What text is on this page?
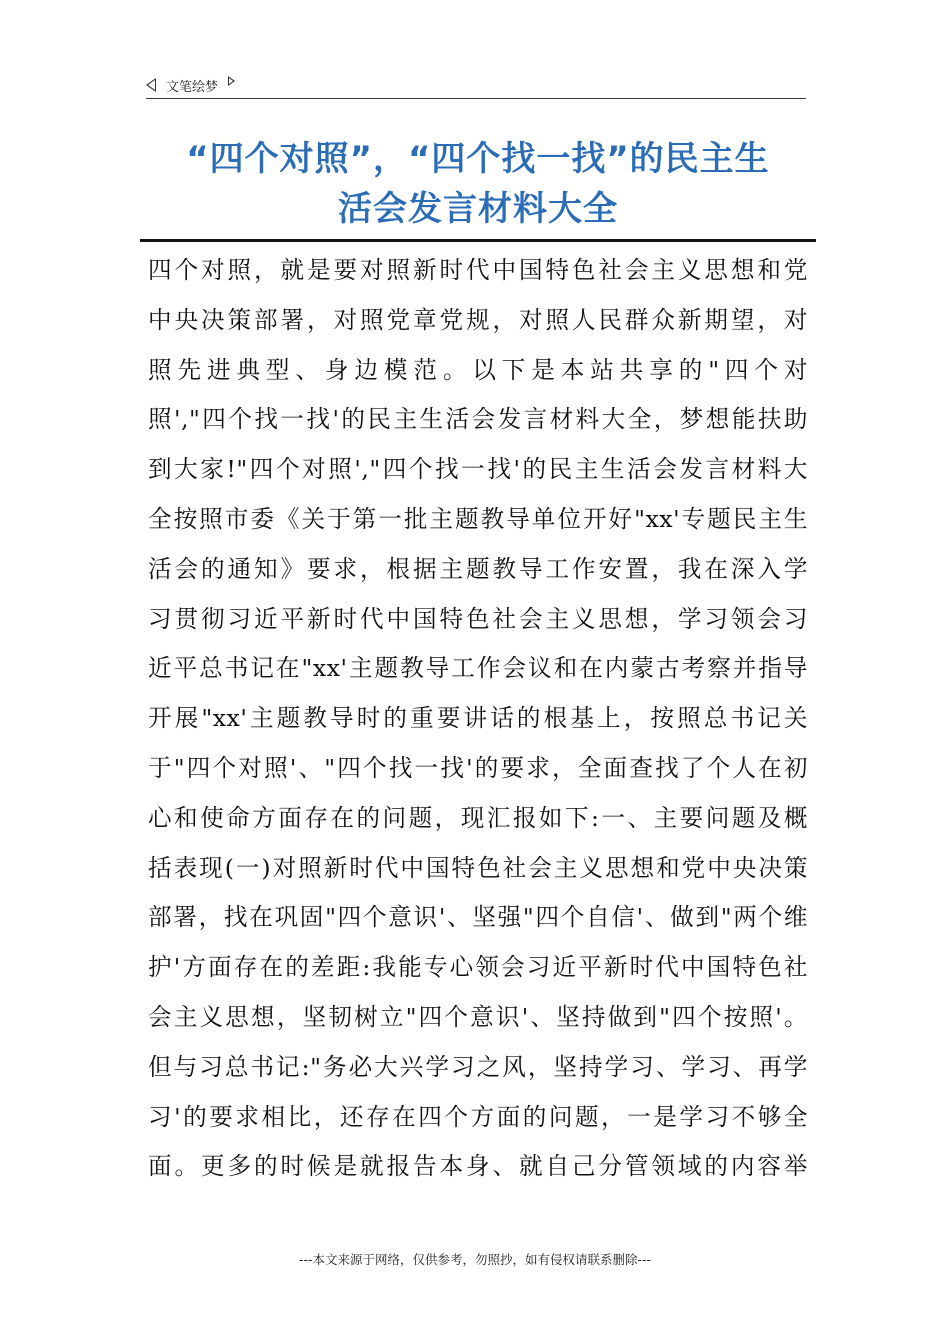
文笔绘梦
“四个对照”，“四个找一找”的民主生
活会发言材料大全
四个对照，就是要对照新时代中国特色社会主义思想和党
中央决策部署，对照党章党规，对照人民群众新期望，对
照先进典型、身边模范。以下是本站共享的"四个对
照',"四个找一找'的民主生活会发言材料大全，梦想能扶助
到大家!"四个对照',"四个找一找'的民主生活会发言材料大
全按照市委《关于第一批主题教导单位开好"xx'专题民主生
活会的通知》要求，根据主题教导工作安置，我在深入学
习贯彻习近平新时代中国特色社会主义思想，学习领会习
近平总书记在"xx'主题教导工作会议和在内蒙古考察并指导
开展"xx'主题教导时的重要讲话的根基上，按照总书记关
于"四个对照'、"四个找一找'的要求，全面查找了个人在初
心和使命方面存在的问题，现汇报如下:一、主要问题及概
括表现(一)对照新时代中国特色社会主义思想和党中央决策
部署，找在巩固"四个意识'、坚强"四个自信'、做到"两个维
护'方面存在的差距:我能专心领会习近平新时代中国特色社
会主义思想，坚韧树立"四个意识'、坚持做到"四个按照'。
但与习总书记:"务必大兴学习之风，坚持学习、学习、再学
习'的要求相比，还存在四个方面的问题，一是学习不够全
面。更多的时候是就报告本身、就自己分管领域的内容举
---本文来源于网络，仅供参考，勿照抄，如有侵权请联系删除---
